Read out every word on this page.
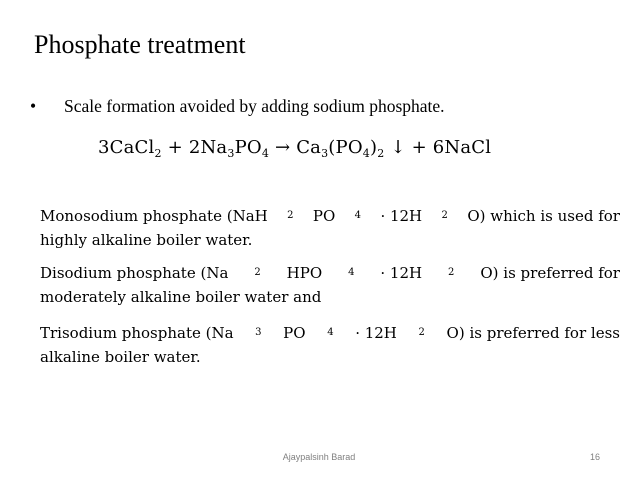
Phosphate treatment
• Scale formation avoided by adding sodium phosphate.
3CaCl$_2$ + $2Na_3PO_4 \to Ca_3(PO_4)_2$ ↓ + 6NaCl
Monosodium phosphate (NaH 2 PO 4 · 12H 2 O) which is used for
highly alkaline boiler water.
Disodium phosphate (Na	2 HPO	4 · 12H	2 O) is preferred for
moderately alkaline boiler water and
Trisodium phosphate (Na 3 PO 4 · 12H 2 O) is preferred for less
alkaline boiler water.
Ajaypalsinh Barad	16
